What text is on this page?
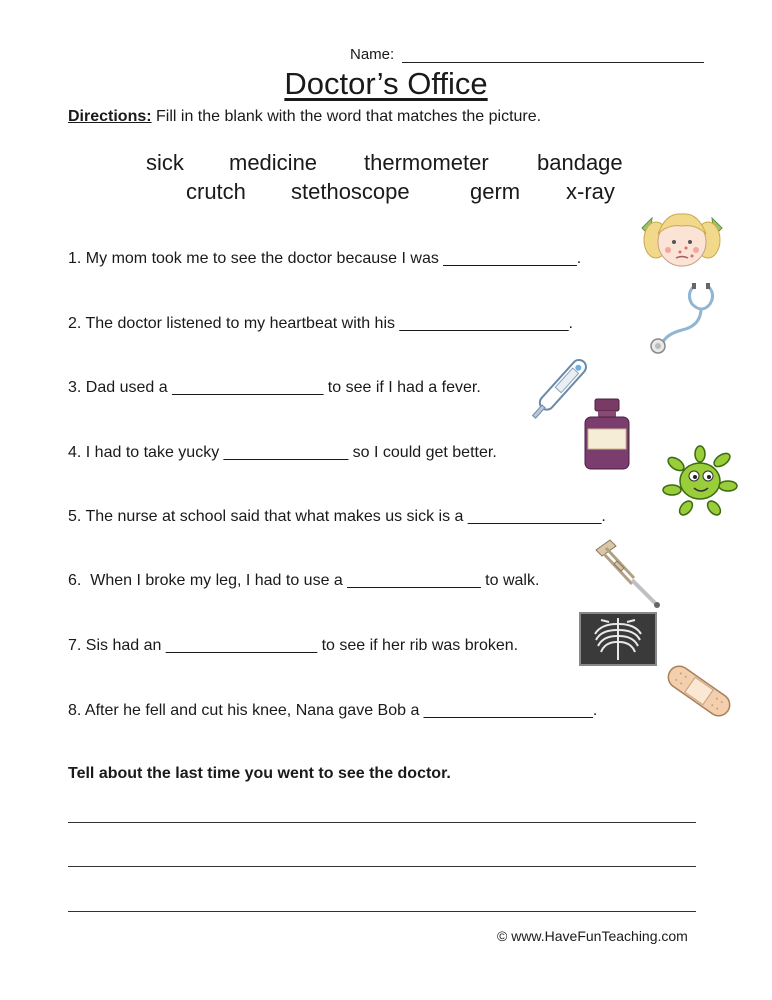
Name:
Doctor’s Office
Directions: Fill in the blank with the word that matches the picture.
sick medicine thermometer bandage
crutch stethoscope	germ x-ray
1. My mom took me to see the doctor because I was _______________.
2. The doctor listened to my heartbeat with his ___________________.
3. Dad used a _________________ to see if I had a fever.
4. I had to take yucky ______________ so I could get better.
5. The nurse at school said that what makes us sick is a _______________.
6.  When I broke my leg, I had to use a _______________ to walk.
7. Sis had an _________________ to see if her rib was broken.
8. After he fell and cut his knee, Nana gave Bob a ___________________.
Tell about the last time you went to see the doctor.
© www.HaveFunTeaching.com
